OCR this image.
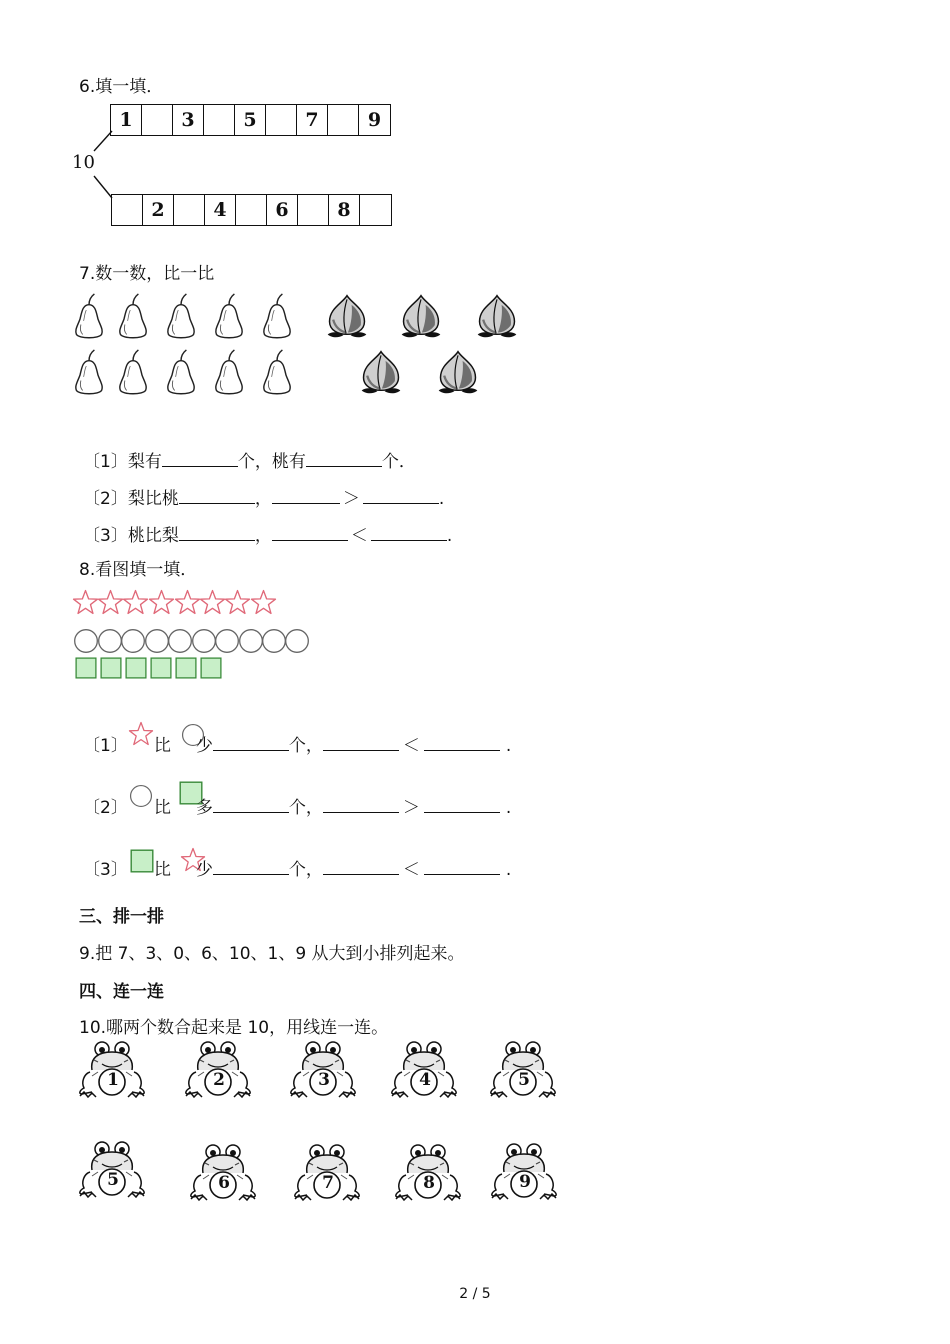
6.填一填．
10
1	3	5	7	9
2	4	6	8
7.数一数，比一比
〔1〕梨有	个，桃有	个．
〔2〕梨比桃	，	＞	.
〔3〕桃比梨	，	＜	.
8.看图填一填．
〔1〕 比 少	个，	＜	.
〔2〕 比 多	个，	＞	.
〔3〕 比 少	个，	＜	.
三、排一排
9.把 7、3、0、6、10、1、9 从大到小排列起来。
四、连一连
10.哪两个数合起来是 10，用线连一连。
1	2	3	4	5
5	6	7	8	9
2 / 5
